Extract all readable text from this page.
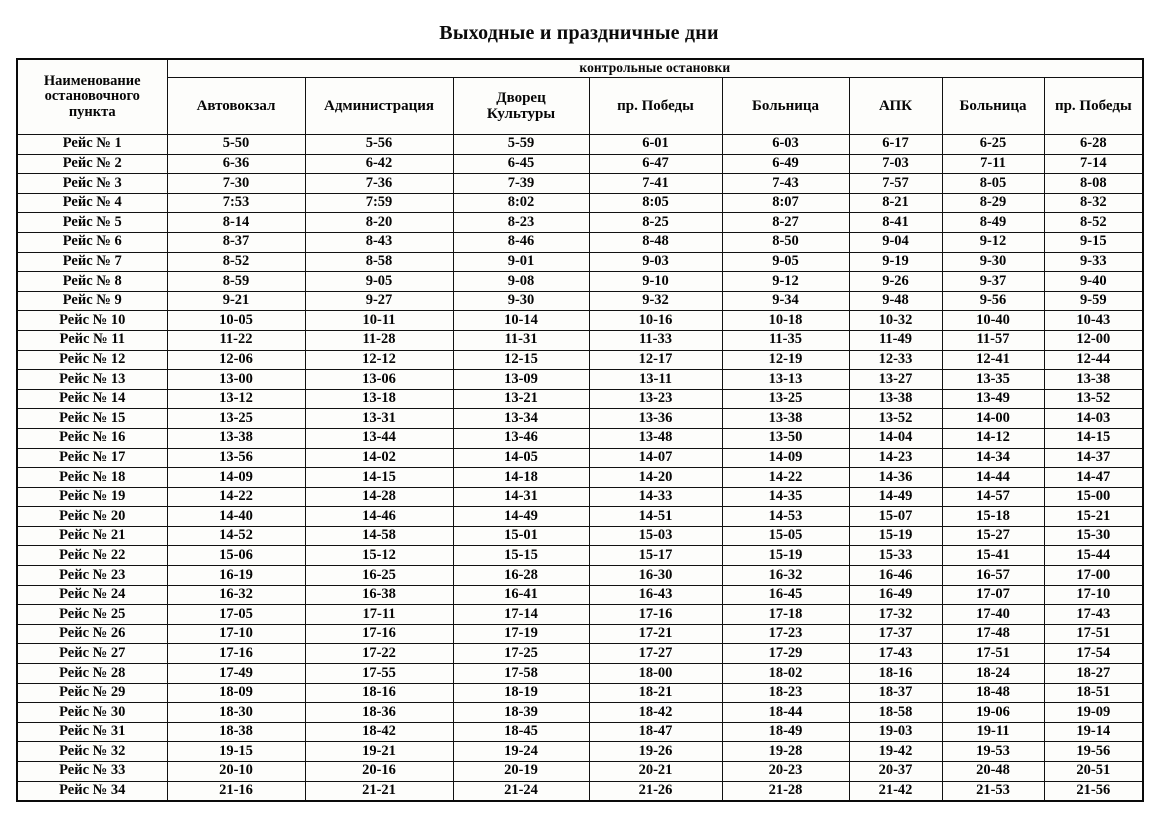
Выходные и праздничные дни
Наименование
остановочного
пункта	контрольные остановки							

	Автовокзал	Администрация	Дворец
Культуры	пр. Победы	Больница	АПК	Больница	пр. Победы

Рейс № 1	5-50	5-56	5-59	6-01	6-03	6-17	6-25	6-28
Рейс № 2	6-36	6-42	6-45	6-47	6-49	7-03	7-11	7-14
Рейс № 3	7-30	7-36	7-39	7-41	7-43	7-57	8-05	8-08
Рейс № 4	7:53	7:59	8:02	8:05	8:07	8-21	8-29	8-32
Рейс № 5	8-14	8-20	8-23	8-25	8-27	8-41	8-49	8-52
Рейс № 6	8-37	8-43	8-46	8-48	8-50	9-04	9-12	9-15
Рейс № 7	8-52	8-58	9-01	9-03	9-05	9-19	9-30	9-33
Рейс № 8	8-59	9-05	9-08	9-10	9-12	9-26	9-37	9-40
Рейс № 9	9-21	9-27	9-30	9-32	9-34	9-48	9-56	9-59
Рейс № 10	10-05	10-11	10-14	10-16	10-18	10-32	10-40	10-43
Рейс № 11	11-22	11-28	11-31	11-33	11-35	11-49	11-57	12-00
Рейс № 12	12-06	12-12	12-15	12-17	12-19	12-33	12-41	12-44
Рейс № 13	13-00	13-06	13-09	13-11	13-13	13-27	13-35	13-38
Рейс № 14	13-12	13-18	13-21	13-23	13-25	13-38	13-49	13-52
Рейс № 15	13-25	13-31	13-34	13-36	13-38	13-52	14-00	14-03
Рейс № 16	13-38	13-44	13-46	13-48	13-50	14-04	14-12	14-15
Рейс № 17	13-56	14-02	14-05	14-07	14-09	14-23	14-34	14-37
Рейс № 18	14-09	14-15	14-18	14-20	14-22	14-36	14-44	14-47
Рейс № 19	14-22	14-28	14-31	14-33	14-35	14-49	14-57	15-00
Рейс № 20	14-40	14-46	14-49	14-51	14-53	15-07	15-18	15-21
Рейс № 21	14-52	14-58	15-01	15-03	15-05	15-19	15-27	15-30
Рейс № 22	15-06	15-12	15-15	15-17	15-19	15-33	15-41	15-44
Рейс № 23	16-19	16-25	16-28	16-30	16-32	16-46	16-57	17-00
Рейс № 24	16-32	16-38	16-41	16-43	16-45	16-49	17-07	17-10
Рейс № 25	17-05	17-11	17-14	17-16	17-18	17-32	17-40	17-43
Рейс № 26	17-10	17-16	17-19	17-21	17-23	17-37	17-48	17-51
Рейс № 27	17-16	17-22	17-25	17-27	17-29	17-43	17-51	17-54
Рейс № 28	17-49	17-55	17-58	18-00	18-02	18-16	18-24	18-27
Рейс № 29	18-09	18-16	18-19	18-21	18-23	18-37	18-48	18-51
Рейс № 30	18-30	18-36	18-39	18-42	18-44	18-58	19-06	19-09
Рейс № 31	18-38	18-42	18-45	18-47	18-49	19-03	19-11	19-14
Рейс № 32	19-15	19-21	19-24	19-26	19-28	19-42	19-53	19-56
Рейс № 33	20-10	20-16	20-19	20-21	20-23	20-37	20-48	20-51
Рейс № 34	21-16	21-21	21-24	21-26	21-28	21-42	21-53	21-56
